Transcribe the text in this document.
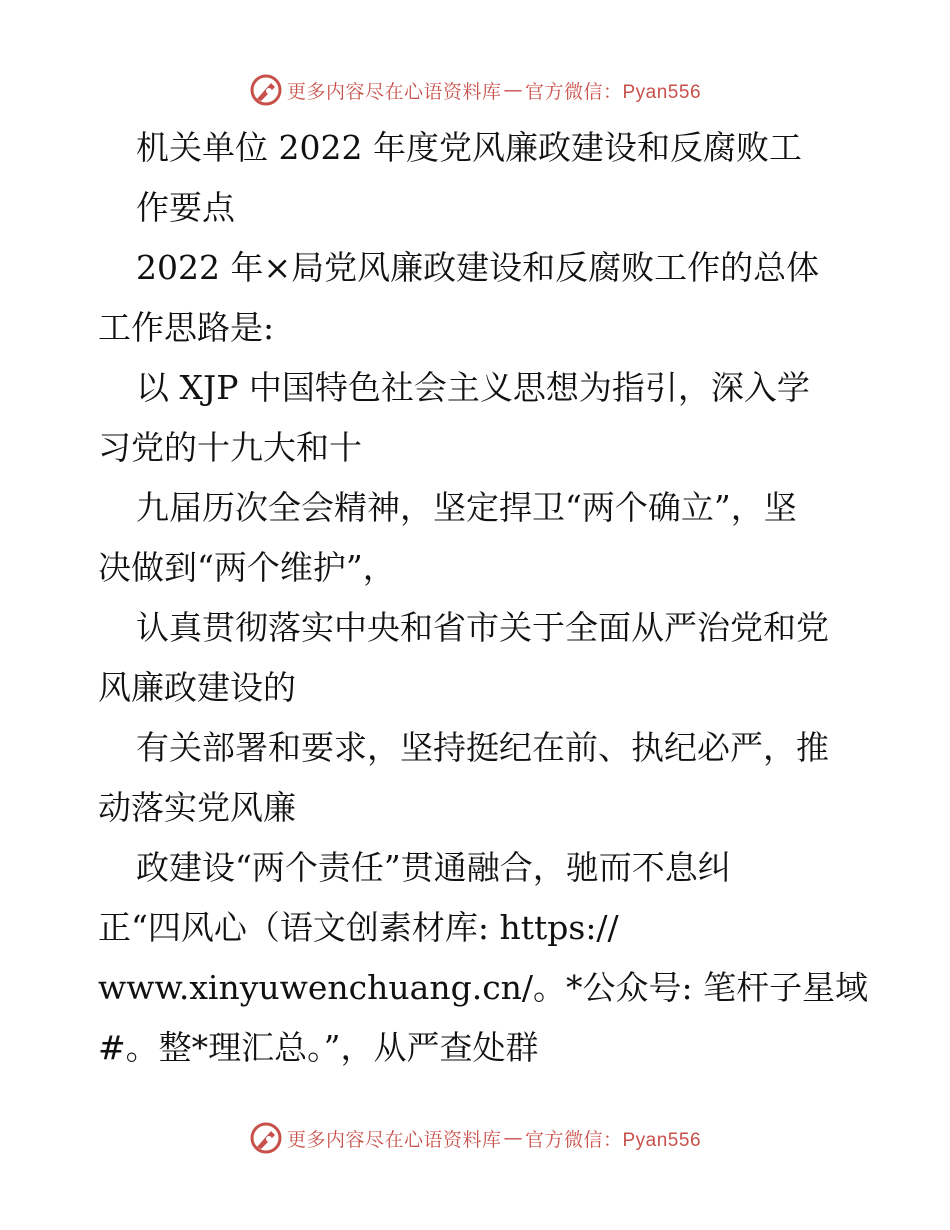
更多内容尽在心语资料库 — 官方微信：Pyan556
机关单位 2022 年度党风廉政建设和反腐败工
作要点
2022 年×局党风廉政建设和反腐败工作的总体
工作思路是:
以 XJP 中国特色社会主义思想为指引，深入学
习党的十九大和十
九届历次全会精神，坚定捍卫“两个确立”，坚
决做到“两个维护”，
认真贯彻落实中央和省市关于全面从严治党和党
风廉政建设的
有关部署和要求，坚持挺纪在前、执纪必严，推
动落实党风廉
政建设“两个责任”贯通融合，驰而不息纠
正“四风心（语文创素材库: https://
www.xinyuwenchuang.cn/。*公众号: 笔杆子星域
#。整*理汇总。”，从严查处群
更多内容尽在心语资料库 — 官方微信：Pyan556
